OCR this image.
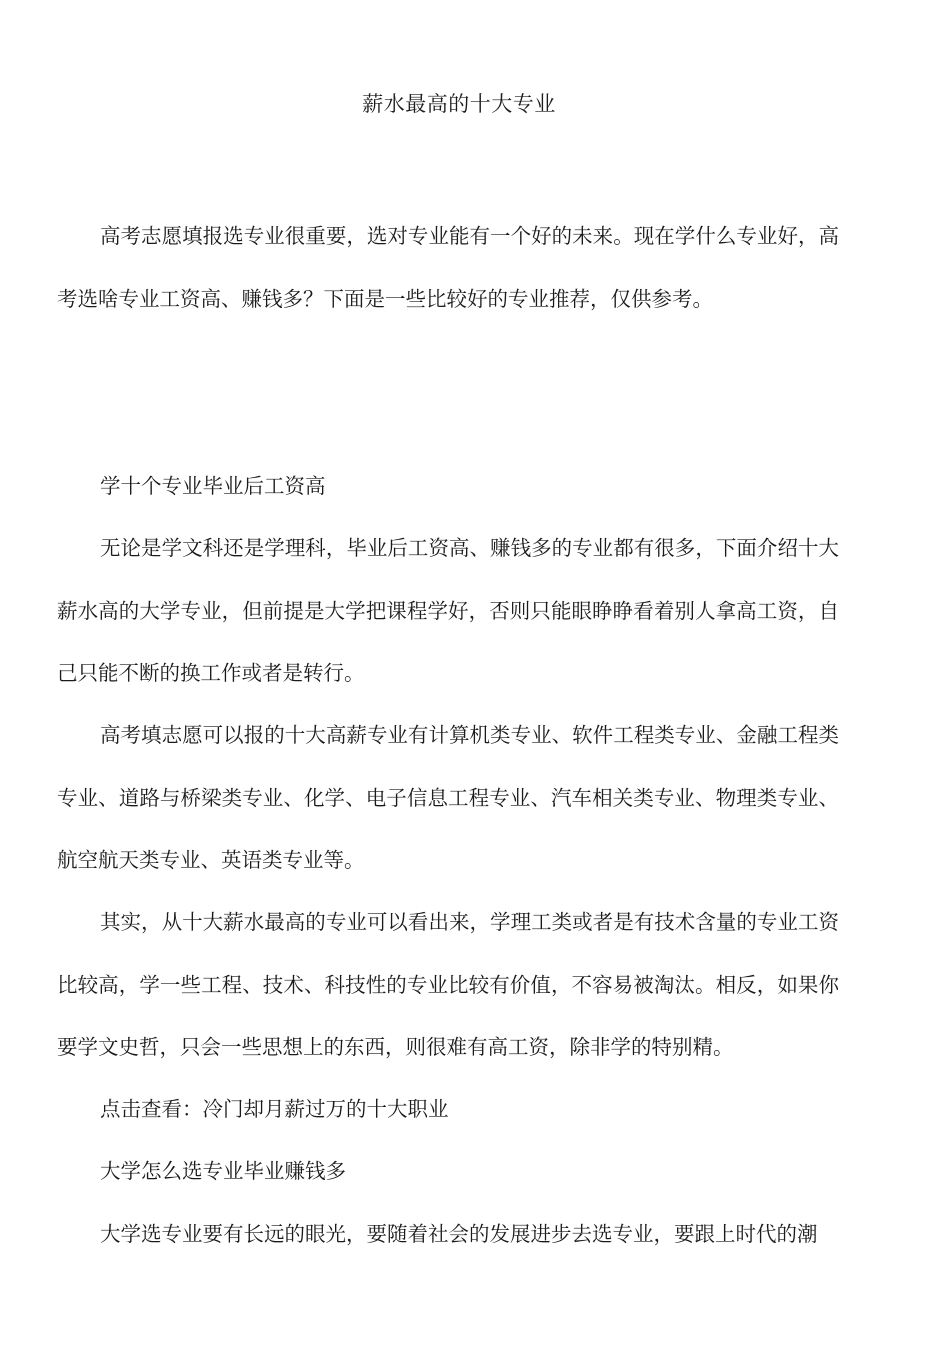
薪水最高的十大专业

高考志愿填报选专业很重要，选对专业能有一个好的未来。现在学什么专业好，高考选啥专业工资高、赚钱多？下面是一些比较好的专业推荐，仅供参考。

学十个专业毕业后工资高

无论是学文科还是学理科，毕业后工资高、赚钱多的专业都有很多，下面介绍十大薪水高的大学专业，但前提是大学把课程学好，否则只能眼睁睁看着别人拿高工资，自己只能不断的换工作或者是转行。

高考填志愿可以报的十大高薪专业有计算机类专业、软件工程类专业、金融工程类专业、道路与桥梁类专业、化学、电子信息工程专业、汽车相关类专业、物理类专业、航空航天类专业、英语类专业等。

其实，从十大薪水最高的专业可以看出来，学理工类或者是有技术含量的专业工资比较高，学一些工程、技术、科技性的专业比较有价值，不容易被淘汰。相反，如果你要学文史哲，只会一些思想上的东西，则很难有高工资，除非学的特别精。

点击查看：冷门却月薪过万的十大职业

大学怎么选专业毕业赚钱多

大学选专业要有长远的眼光，要随着社会的发展进步去选专业，要跟上时代的潮
